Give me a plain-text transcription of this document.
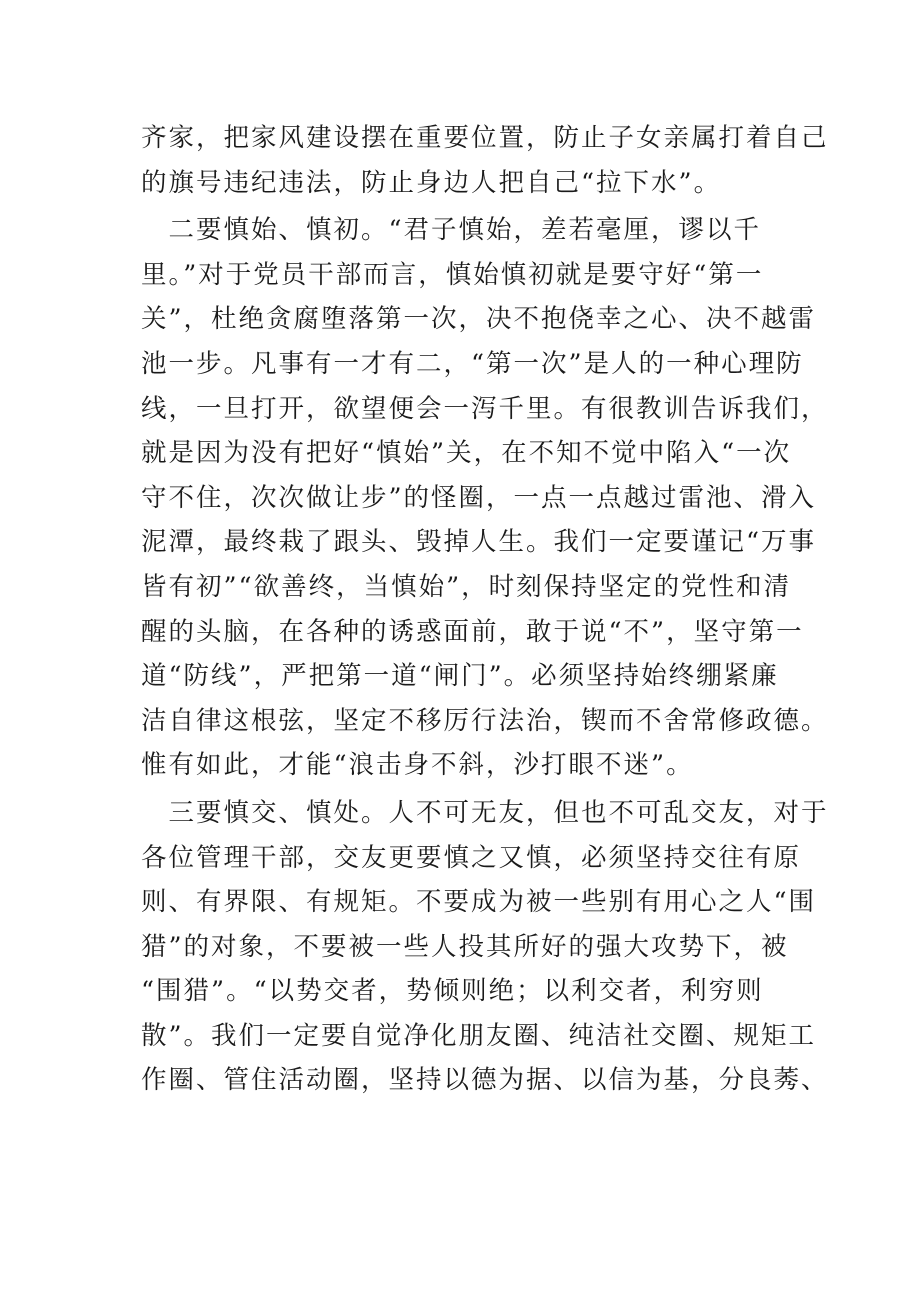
齐家，把家风建设摆在重要位置，防止子女亲属打着自己
的旗号违纪违法，防止身边人把自己“拉下水”。
　二要慎始、慎初。“君子慎始，差若毫厘，谬以千
里。”对于党员干部而言，慎始慎初就是要守好“第一
关”，杜绝贪腐堕落第一次，决不抱侥幸之心、决不越雷
池一步。凡事有一才有二，“第一次”是人的一种心理防
线，一旦打开，欲望便会一泻千里。有很教训告诉我们，
就是因为没有把好“慎始”关，在不知不觉中陷入“一次
守不住，次次做让步”的怪圈，一点一点越过雷池、滑入
泥潭，最终栽了跟头、毁掉人生。我们一定要谨记“万事
皆有初”“欲善终，当慎始”，时刻保持坚定的党性和清
醒的头脑，在各种的诱惑面前，敢于说“不”，坚守第一
道“防线”，严把第一道“闸门”。必须坚持始终绷紧廉
洁自律这根弦，坚定不移厉行法治，锲而不舍常修政德。
惟有如此，才能“浪击身不斜，沙打眼不迷”。
　三要慎交、慎处。人不可无友，但也不可乱交友，对于
各位管理干部，交友更要慎之又慎，必须坚持交往有原
则、有界限、有规矩。不要成为被一些别有用心之人“围
猎”的对象，不要被一些人投其所好的强大攻势下，被
“围猎”。“以势交者，势倾则绝；以利交者，利穷则
散”。我们一定要自觉净化朋友圈、纯洁社交圈、规矩工
作圈、管住活动圈，坚持以德为据、以信为基，分良莠、
